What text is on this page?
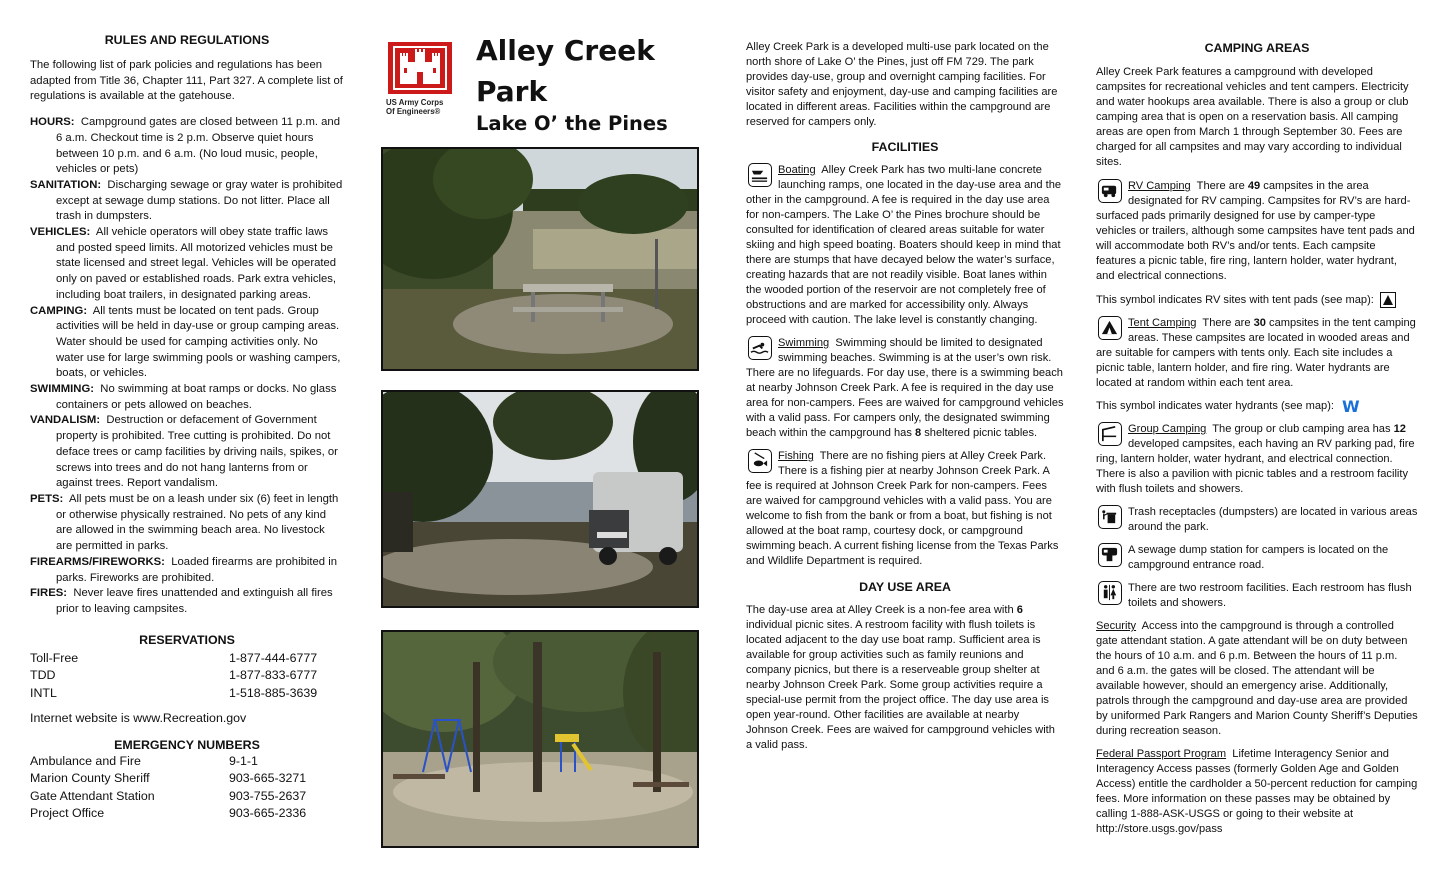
RULES AND REGULATIONS

The following list of park policies and regulations has been adapted from Title 36, Chapter 111, Part 327. A complete list of regulations is available at the gatehouse.

HOURS: Campground gates are closed between 11 p.m. and 6 a.m. Checkout time is 2 p.m. Observe quiet hours between 10 p.m. and 6 a.m. (No loud music, people, vehicles or pets)

SANITATION: Discharging sewage or gray water is prohibited except at sewage dump stations. Do not litter. Place all trash in dumpsters.

VEHICLES: All vehicle operators will obey state traffic laws and posted speed limits. All motorized vehicles must be state licensed and street legal. Vehicles will be operated only on paved or established roads. Park extra vehicles, including boat trailers, in designated parking areas.

CAMPING: All tents must be located on tent pads. Group activities will be held in day-use or group camping areas. Water should be used for camping activities only. No water use for large swimming pools or washing campers, boats, or vehicles.

SWIMMING: No swimming at boat ramps or docks. No glass containers or pets allowed on beaches.

VANDALISM: Destruction or defacement of Government property is prohibited. Tree cutting is prohibited. Do not deface trees or camp facilities by driving nails, spikes, or screws into trees and do not hang lanterns from or against trees. Report vandalism.

PETS: All pets must be on a leash under six (6) feet in length or otherwise physically restrained. No pets of any kind are allowed in the swimming beach area. No livestock are permitted in parks.

FIREARMS/FIREWORKS: Loaded firearms are prohibited in parks. Fireworks are prohibited.

FIRES: Never leave fires unattended and extinguish all fires prior to leaving campsites.

RESERVATIONS
Toll-Free	1-877-444-6777
TDD	1-877-833-6777
INTL	1-518-885-3639

Internet website is www.Recreation.gov

EMERGENCY NUMBERS
Ambulance and Fire	9-1-1
Marion County Sheriff	903-665-3271
Gate Attendant Station	903-755-2637
Project Office	903-665-2336
US Army Corps
Of Engineers®
Alley Creek
Park
Lake O’ the Pines

Alley Creek Park is a developed multi-use park located on the north shore of Lake O’ the Pines, just off FM 729. The park provides day-use, group and overnight camping facilities. For visitor safety and enjoyment, day-use and camping facilities are located in different areas. Facilities within the campground are reserved for campers only.

FACILITIES
Boating Alley Creek Park has two multi-lane concrete launching ramps, one located in the day-use area and the other in the campground. A fee is required in the day use area for non-campers. The Lake O’ the Pines brochure should be consulted for identification of cleared areas suitable for water skiing and high speed boating. Boaters should keep in mind that there are stumps that have decayed below the water’s surface, creating hazards that are not readily visible. Boat lanes within the wooded portion of the reservoir are not completely free of obstructions and are marked for accessibility only. Always proceed with caution. The lake level is constantly changing.
Swimming Swimming should be limited to designated swimming beaches. Swimming is at the user’s own risk. There are no lifeguards. For day use, there is a swimming beach at nearby Johnson Creek Park. A fee is required in the day use area for non-campers. Fees are waived for campground vehicles with a valid pass. For campers only, the designated swimming beach within the campground has 8 sheltered picnic tables.
Fishing There are no fishing piers at Alley Creek Park. There is a fishing pier at nearby Johnson Creek Park. A fee is required at Johnson Creek Park for non-campers. Fees are waived for campground vehicles with a valid pass. You are welcome to fish from the bank or from a boat, but fishing is not allowed at the boat ramp, courtesy dock, or campground swimming beach. A current fishing license from the Texas Parks and Wildlife Department is required.
DAY USE AREA

The day-use area at Alley Creek is a non-fee area with 6 individual picnic sites. A restroom facility with flush toilets is located adjacent to the day use boat ramp. Sufficient area is available for group activities such as family reunions and company picnics, but there is a reserveable group shelter at nearby Johnson Creek Park. Some group activities require a special-use permit from the project office. The day use area is open year-round. Other facilities are available at nearby Johnson Creek. Fees are waived for campground vehicles with a valid pass.

CAMPING AREAS

Alley Creek Park features a campground with developed campsites for recreational vehicles and tent campers. Electricity and water hookups area available. There is also a group or club camping area that is open on a reservation basis. All camping areas are open from March 1 through September 30. Fees are charged for all campsites and may vary according to individual sites.

RV Camping There are 49 campsites in the area designated for RV camping. Campsites for RV’s are hard-surfaced pads primarily designed for use by camper-type vehicles or trailers, although some campsites have tent pads and will accommodate both RV’s and/or tents. Each campsite features a picnic table, fire ring, lantern holder, water hydrant, and electrical connections.
This symbol indicates RV sites with tent pads (see map):
Tent Camping There are 30 campsites in the tent camping areas. These campsites are located in wooded areas and are suitable for campers with tents only. Each site includes a picnic table, lantern holder, and fire ring. Water hydrants are located at random within each tent area.
This symbol indicates water hydrants (see map): W
Group Camping The group or club camping area has 12 developed campsites, each having an RV parking pad, fire ring, lantern holder, water hydrant, and electrical connection. There is also a pavilion with picnic tables and a restroom facility with flush toilets and showers.
Trash receptacles (dumpsters) are located in various areas around the park.
A sewage dump station for campers is located on the campground entrance road.
There are two restroom facilities. Each restroom has flush toilets and showers.
Security Access into the campground is through a controlled gate attendant station. A gate attendant will be on duty between the hours of 10 a.m. and 6 p.m. Between the hours of 11 p.m. and 6 a.m. the gates will be closed. The attendant will be available however, should an emergency arise. Additionally, patrols through the campground and day-use area are provided by uniformed Park Rangers and Marion County Sheriff’s Deputies during recreation season.
Federal Passport Program Lifetime Interagency Senior and Interagency Access passes (formerly Golden Age and Golden Access) entitle the cardholder a 50-percent reduction for camping fees. More information on these passes may be obtained by calling 1-888-ASK-USGS or going to their website at http://store.usgs.gov/pass
